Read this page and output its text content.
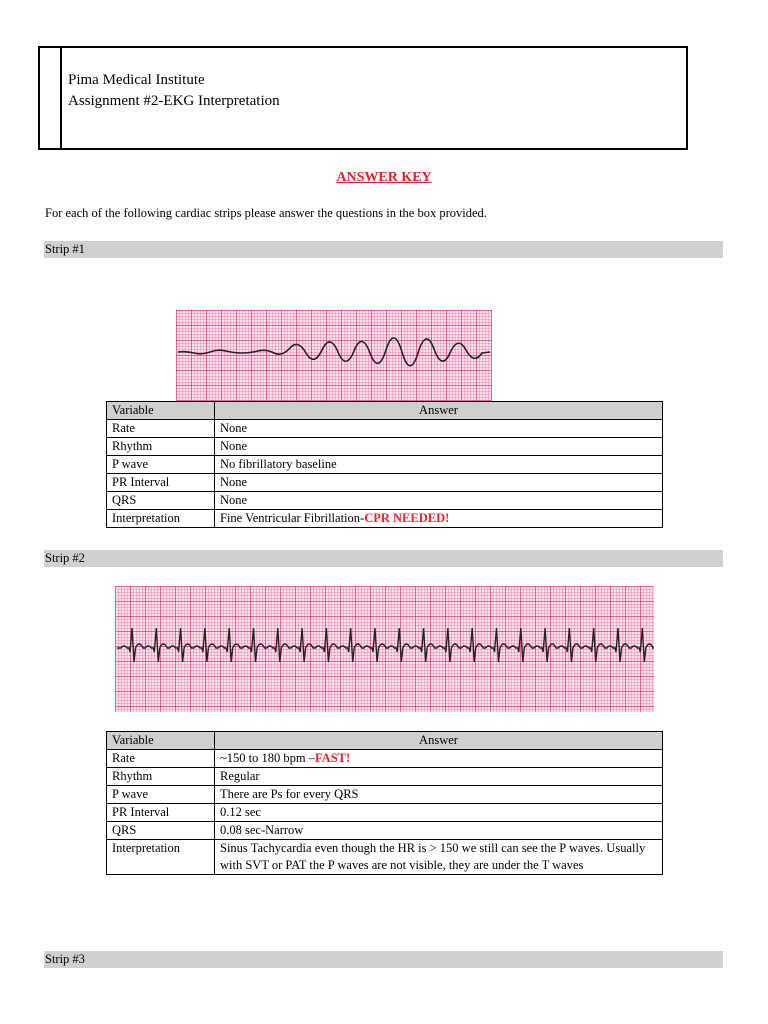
Pima Medical Institute
Assignment #2-EKG Interpretation
ANSWER KEY
For each of the following cardiac strips please answer the questions in the box provided.
Strip #1
Variable	Answer
Rate	None
Rhythm	None
P wave	No fibrillatory baseline
PR Interval	None
QRS	None
Interpretation	Fine Ventricular Fibrillation-CPR NEEDED!
Strip #2
Variable	Answer
Rate	~150 to 180 bpm –FAST!
Rhythm	Regular
P wave	There are Ps for every QRS
PR Interval	0.12 sec
QRS	0.08 sec-Narrow
Interpretation	Sinus Tachycardia even though the HR is > 150 we still can see the P waves. Usually with SVT or PAT the P waves are not visible, they are under the T waves
Strip #3
